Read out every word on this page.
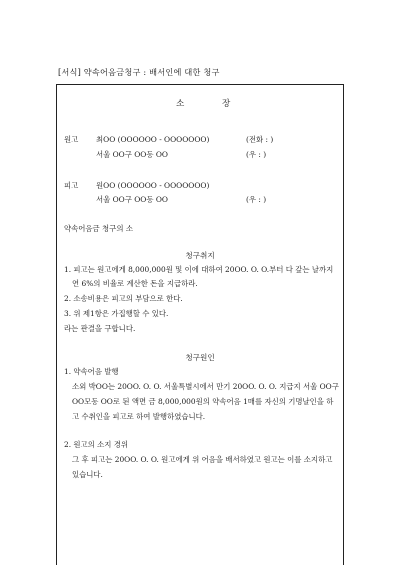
[서식] 약속어음금청구 : 배서인에 대한 청구
소	장
원고 최OO (OOOOOO - OOOOOOO)	(전화 : )
서울 OO구 OO동 OO	(우 : )
피고 원OO (OOOOOO - OOOOOOO)
서울 OO구 OO동 OO	(우 : )
약속어음금 청구의 소
청구취지
1. 피고는 원고에게 8,000,000원 및 이에 대하여 20OO. O. O.부터 다 갚는 날까지
연 6%의 비율로 계산한 돈을 지급하라.
2. 소송비용은 피고의 부담으로 한다.
3. 위 제1항은 가집행할 수 있다.
라는 판결을 구합니다.
청구원인
1. 약속어음 발행
소외 박OO는 20OO. O. O. 서울특별시에서 만기 20OO. O. O. 지급지 서울 OO구
OO모동 OO로 된 액면 금 8,000,000원의 약속어음 1매를 자신의 기명날인을 하
고 수취인을 피고로 하여 발행하였습니다.
2. 원고의 소지 경위
그 후 피고는 20OO. O. O. 원고에게 위 어음을 배서하였고 원고는 이를 소지하고
있습니다.
